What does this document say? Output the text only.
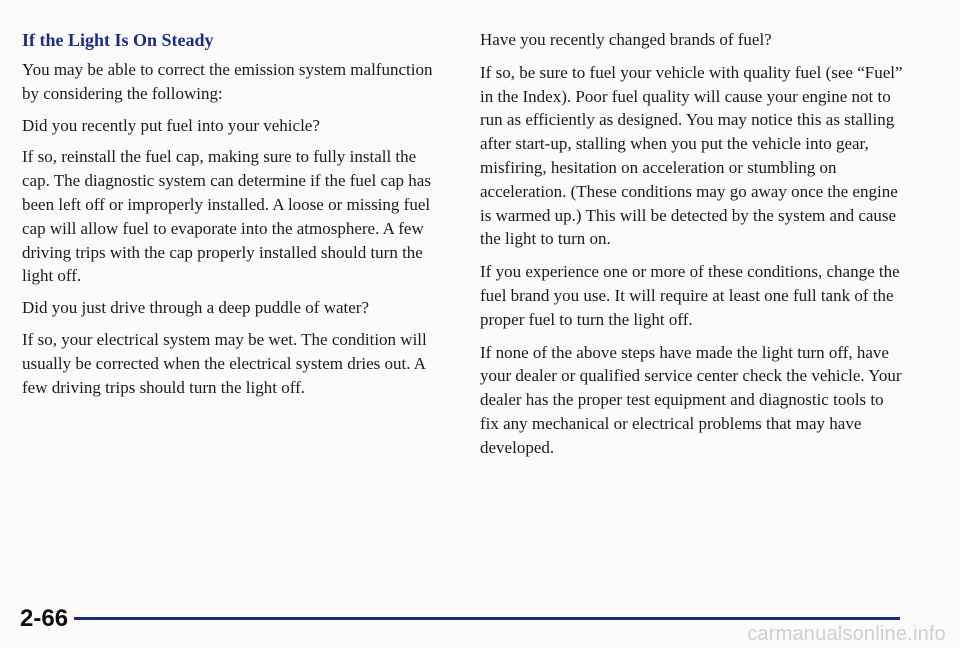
If the Light Is On Steady

You may be able to correct the emission system malfunction by considering the following:

Did you recently put fuel into your vehicle?

If so, reinstall the fuel cap, making sure to fully install the cap. The diagnostic system can determine if the fuel cap has been left off or improperly installed. A loose or missing fuel cap will allow fuel to evaporate into the atmosphere. A few driving trips with the cap properly installed should turn the light off.

Did you just drive through a deep puddle of water?

If so, your electrical system may be wet. The condition will usually be corrected when the electrical system dries out. A few driving trips should turn the light off.

Have you recently changed brands of fuel?

If so, be sure to fuel your vehicle with quality fuel (see “Fuel” in the Index). Poor fuel quality will cause your engine not to run as efficiently as designed. You may notice this as stalling after start-up, stalling when you put the vehicle into gear, misfiring, hesitation on acceleration or stumbling on acceleration. (These conditions may go away once the engine is warmed up.) This will be detected by the system and cause the light to turn on.

If you experience one or more of these conditions, change the fuel brand you use. It will require at least one full tank of the proper fuel to turn the light off.

If none of the above steps have made the light turn off, have your dealer or qualified service center check the vehicle. Your dealer has the proper test equipment and diagnostic tools to fix any mechanical or electrical problems that may have developed.

2-66
carmanualsonline.info
